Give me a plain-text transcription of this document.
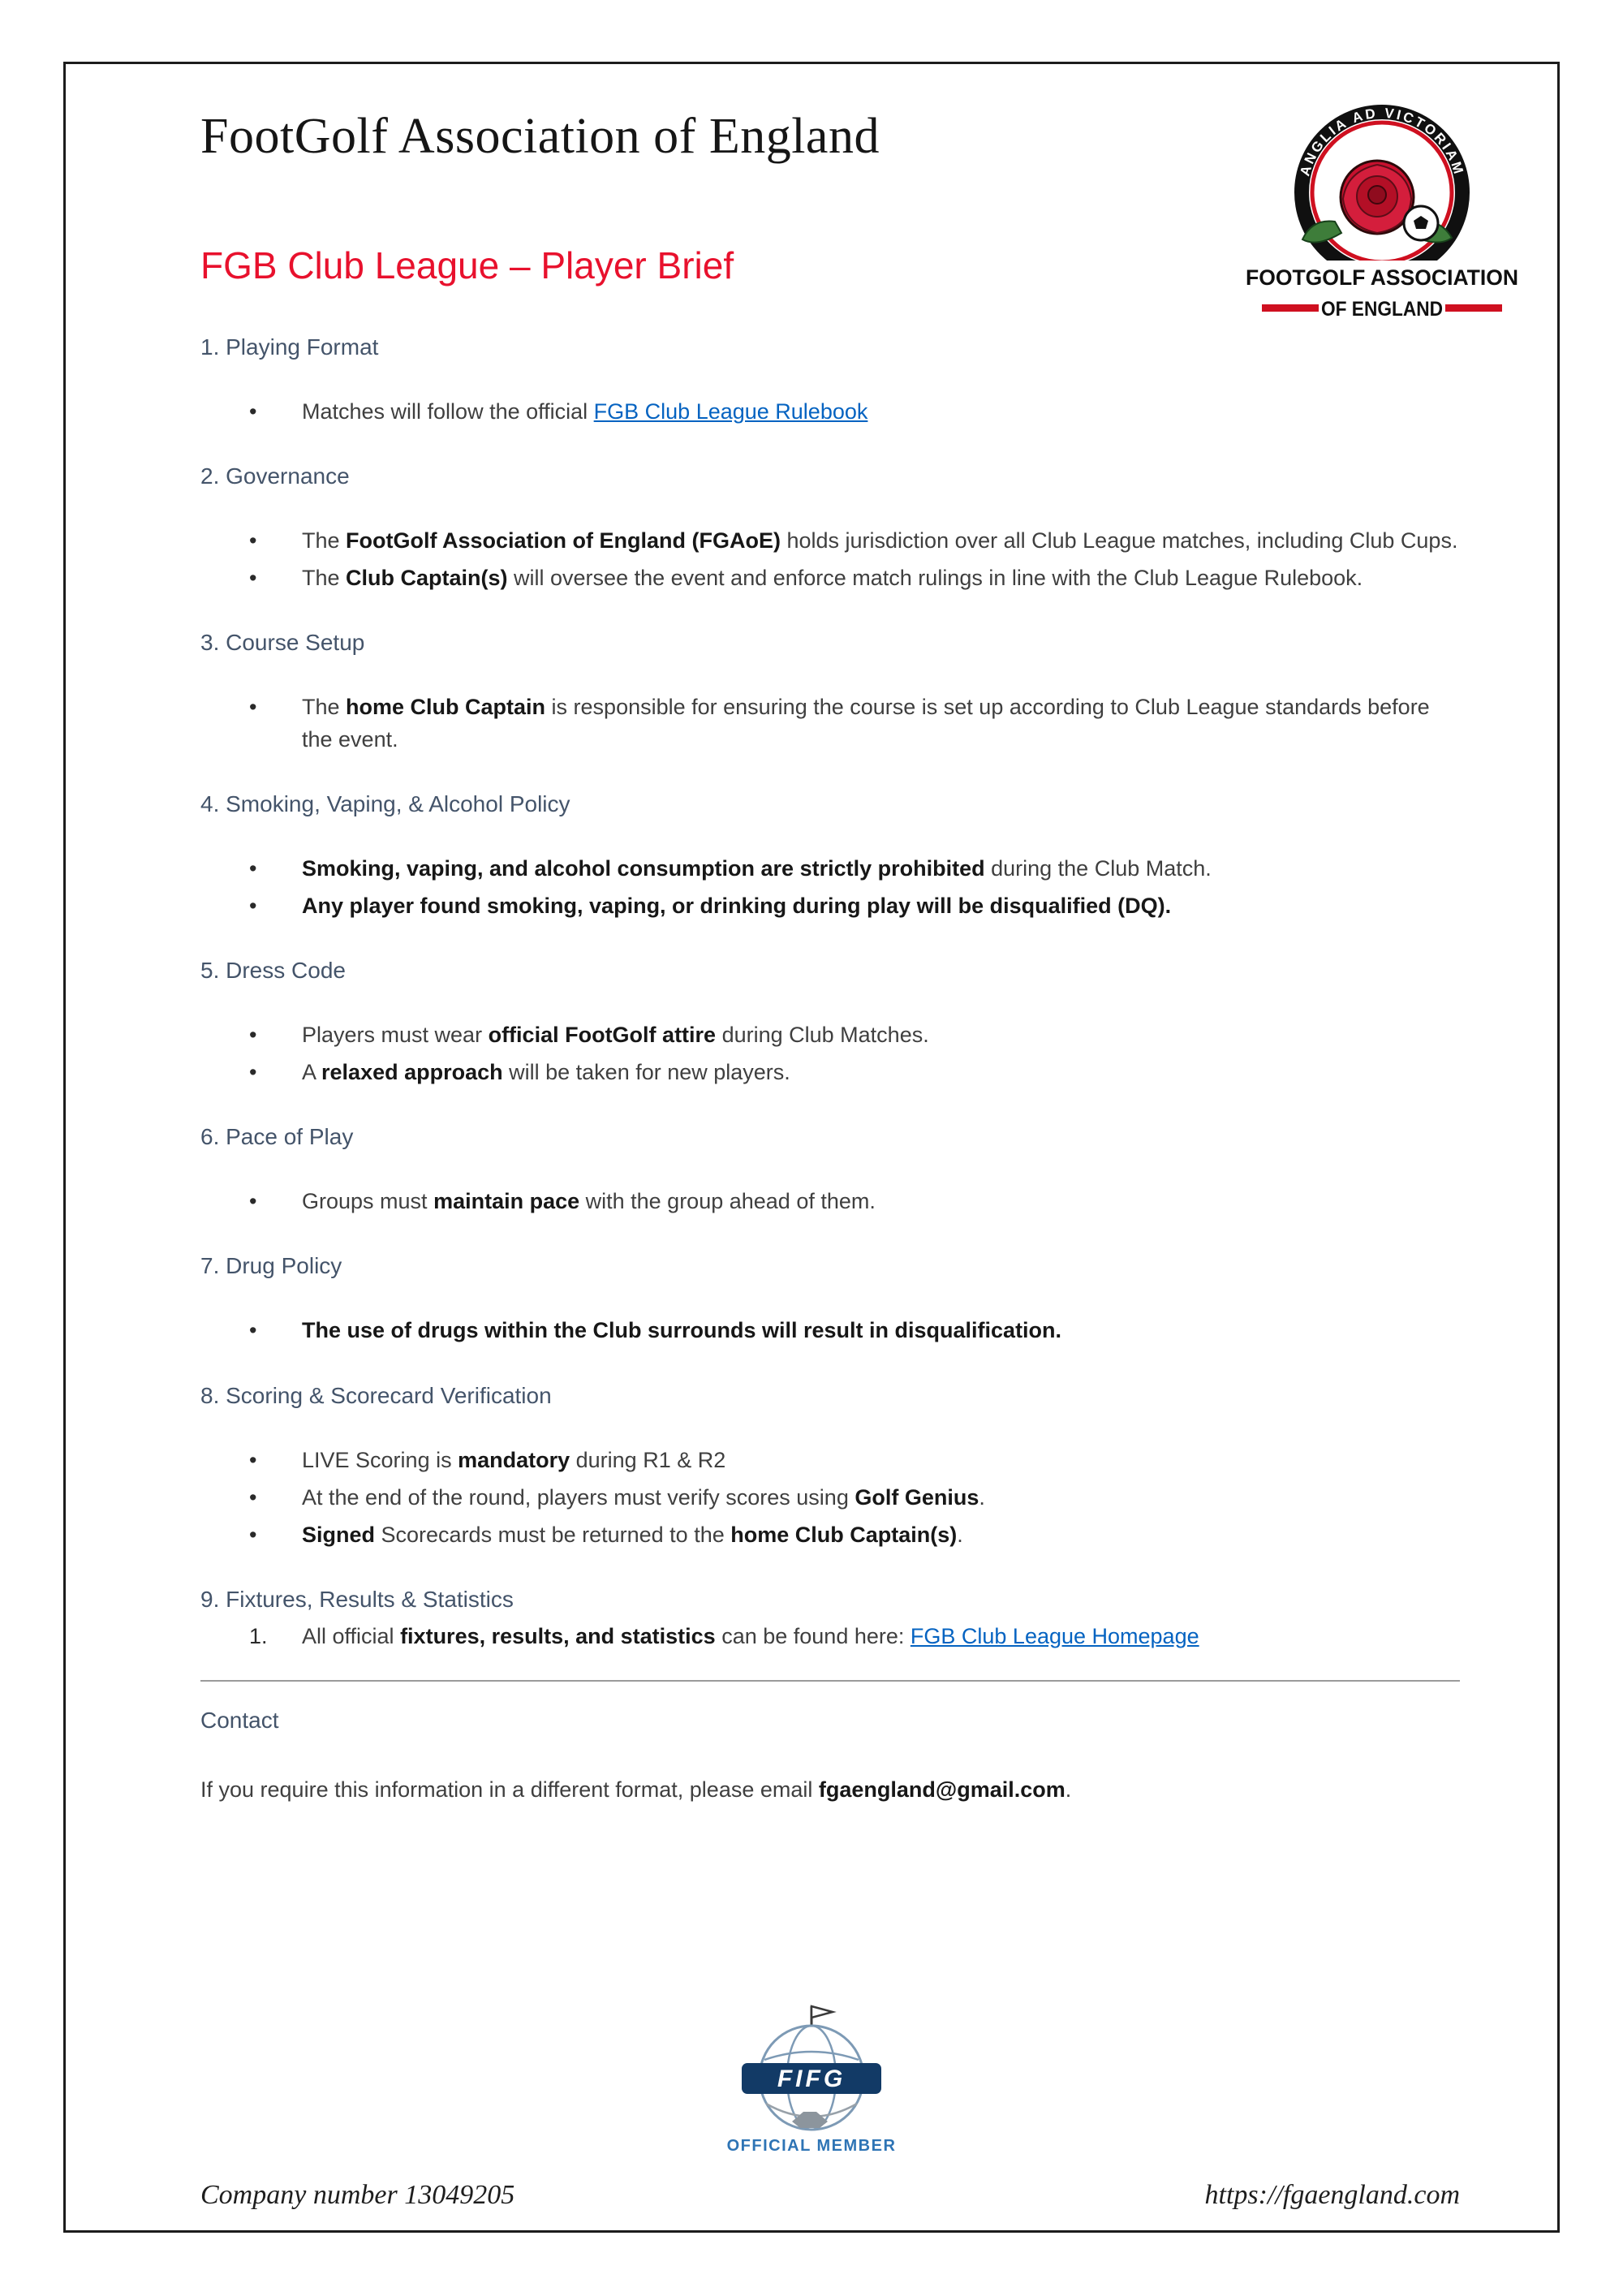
FootGolf Association of England
ANGLIA AD VICTORIAM
FOOTGOLF ASSOCIATION
OF ENGLAND
FGB Club League – Player Brief
1. Playing Format
• Matches will follow the official FGB Club League Rulebook
2. Governance
• The FootGolf Association of England (FGAoE) holds jurisdiction over all Club League matches, including Club Cups.
• The Club Captain(s) will oversee the event and enforce match rulings in line with the Club League Rulebook.
3. Course Setup
• The home Club Captain is responsible for ensuring the course is set up according to Club League standards before the event.
4. Smoking, Vaping, & Alcohol Policy
• Smoking, vaping, and alcohol consumption are strictly prohibited during the Club Match.
• Any player found smoking, vaping, or drinking during play will be disqualified (DQ).
5. Dress Code
• Players must wear official FootGolf attire during Club Matches.
• A relaxed approach will be taken for new players.
6. Pace of Play
• Groups must maintain pace with the group ahead of them.
7. Drug Policy
• The use of drugs within the Club surrounds will result in disqualification.
8. Scoring & Scorecard Verification
• LIVE Scoring is mandatory during R1 & R2
• At the end of the round, players must verify scores using Golf Genius.
• Signed Scorecards must be returned to the home Club Captain(s).
9. Fixtures, Results & Statistics
1. All official fixtures, results, and statistics can be found here: FGB Club League Homepage
Contact

If you require this information in a different format, please email fgaengland@gmail.com.

FIFG
OFFICIAL MEMBER
Company number 13049205	https://fgaengland.com
